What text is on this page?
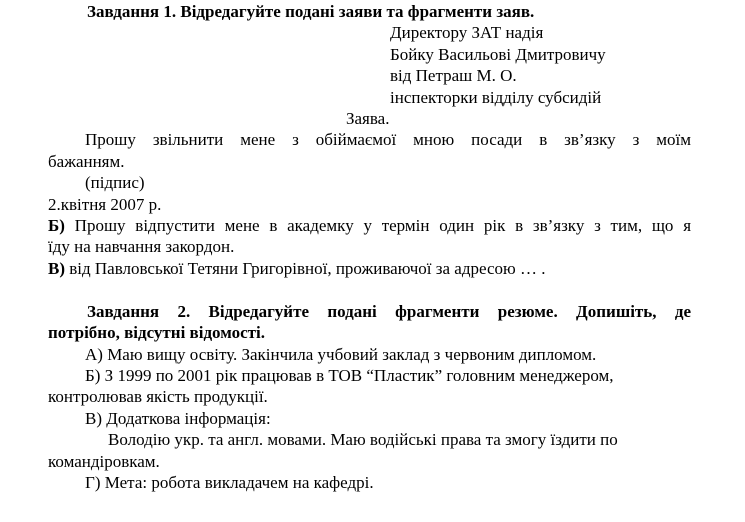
Завдання 1. Відредагуйте подані заяви та фрагменти заяв.
Директору ЗАТ надія
Бойку Васильові Дмитровичу
від Петраш М. О.
інспекторки відділу субсидій
Заява.
Прошу звільнити мене з обіймаємої мною посади в зв’язку з моїм
бажанням.
(підпис)
2.квітня 2007 р.
Б) Прошу відпустити мене в академку у термін один рік в зв’язку з тим, що я
їду на навчання закордон.
В) від Павловської Тетяни Григорівної, проживаючої за адресою … .
Завдання 2. Відредагуйте подані фрагменти резюме. Допишіть, де
потрібно, відсутні відомості.
А) Маю вищу освіту. Закінчила учбовий заклад з червоним дипломом.
Б) З 1999 по 2001 рік працював в ТОВ “Пластик” головним менеджером,
контролював якість продукції.
В) Додаткова інформація:
Володію укр. та англ. мовами. Маю водійські права та змогу їздити по
командіровкам.
Г) Мета: робота викладачем на кафедрі.
